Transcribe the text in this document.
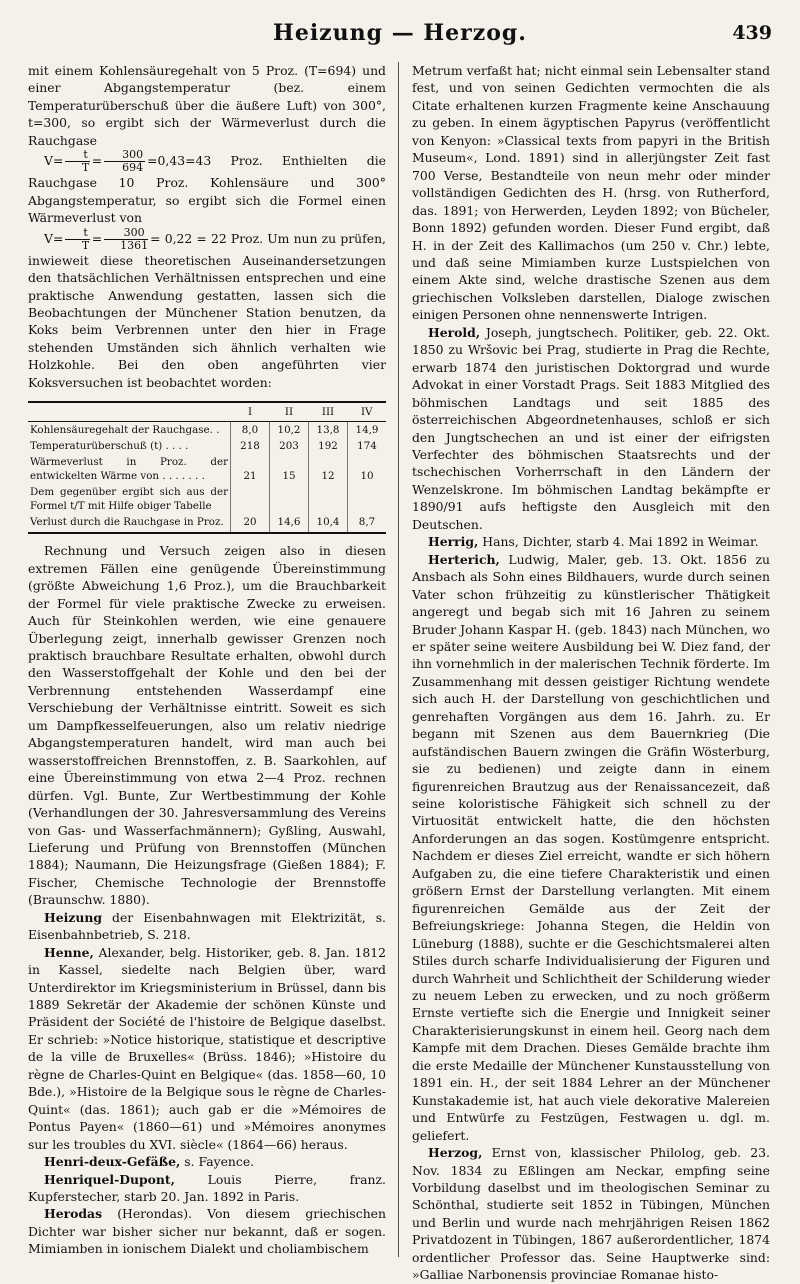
Heizung — Herzog.	439

mit einem Kohlensäuregehalt von 5 Proz. (T=694) und einer Abgangstemperatur (bez. einem Temperaturüberschuß über die äußere Luft) von 300°, t=300, so ergibt sich der Wärmeverlust durch die Rauchgase

$V= \frac{t}{T} = \frac{300}{694} =0,43=43$ Proz. Enthielten die Rauchgase 10 Proz. Kohlensäure und 300° Abgangstemperatur, so ergibt sich die Formel einen Wärmeverlust von

$V= \frac{t}{T} = \frac{300}{1361} = 0,22 = 22$ Proz. Um nun zu prüfen, inwieweit diese theoretischen Auseinandersetzungen den thatsächlichen Verhältnissen entsprechen und eine praktische Anwendung gestatten, lassen sich die Beobachtungen der Münchener Station benutzen, da Koks beim Verbrennen unter den hier in Frage stehenden Umständen sich ähnlich verhalten wie Holzkohle. Bei den oben angeführten vier Koksversuchen ist beobachtet worden:

	I	II	III	IV
Kohlensäuregehalt der Rauchgase. .	8,0	10,2	13,8	14,9
Temperaturüberschuß (t) . . . .	218	203	192	174
Wärmeverlust in Proz. der entwickelten Wärme von . . . . . . .	21	15	12	10
Dem gegenüber ergibt sich aus der Formel t/T mit Hilfe obiger Tabelle				
Verlust durch die Rauchgase in Proz.	20	14,6	10,4	8,7

Rechnung und Versuch zeigen also in diesen extremen Fällen eine genügende Übereinstimmung (größte Abweichung 1,6 Proz.), um die Brauchbarkeit der Formel für viele praktische Zwecke zu erweisen. Auch für Steinkohlen werden, wie eine genauere Überlegung zeigt, innerhalb gewisser Grenzen noch praktisch brauchbare Resultate erhalten, obwohl durch den Wasserstoffgehalt der Kohle und den bei der Verbrennung entstehenden Wasserdampf eine Verschiebung der Verhältnisse eintritt. Soweit es sich um Dampfkesselfeuerungen, also um relativ niedrige Abgangstemperaturen handelt, wird man auch bei wasserstoffreichen Brennstoffen, z. B. Saarkohlen, auf eine Übereinstimmung von etwa 2—4 Proz. rechnen dürfen. Vgl. Bunte, Zur Wertbestimmung der Kohle (Verhandlungen der 30. Jahresversammlung des Vereins von Gas- und Wasserfachmännern); Gyßling, Auswahl, Lieferung und Prüfung von Brennstoffen (München 1884); Naumann, Die Heizungsfrage (Gießen 1884); F. Fischer, Chemische Technologie der Brennstoffe (Braunschw. 1880).

Heizung der Eisenbahnwagen mit Elektrizität, s. Eisenbahnbetrieb, S. 218.

Henne, Alexander, belg. Historiker, geb. 8. Jan. 1812 in Kassel, siedelte nach Belgien über, ward Unterdirektor im Kriegsministerium in Brüssel, dann bis 1889 Sekretär der Akademie der schönen Künste und Präsident der Société de l'histoire de Belgique daselbst. Er schrieb: »Notice historique, statistique et descriptive de la ville de Bruxelles« (Brüss. 1846); »Histoire du règne de Charles-Quint en Belgique« (das. 1858—60, 10 Bde.), »Histoire de la Belgique sous le règne de Charles-Quint« (das. 1861); auch gab er die »Mémoires de Pontus Payen« (1860—61) und »Mémoires anonymes sur les troubles du XVI. siècle« (1864—66) heraus.

Henri-deux-Gefäße, s. Fayence.

Henriquel-Dupont, Louis Pierre, franz. Kupferstecher, starb 20. Jan. 1892 in Paris.

Herodas (Herondas). Von diesem griechischen Dichter war bisher sicher nur bekannt, daß er sogen. Mimiamben in ionischem Dialekt und choliambischem

Metrum verfaßt hat; nicht einmal sein Lebensalter stand fest, und von seinen Gedichten vermochten die als Citate erhaltenen kurzen Fragmente keine Anschauung zu geben. In einem ägyptischen Papyrus (veröffentlicht von Kenyon: »Classical texts from papyri in the British Museum«, Lond. 1891) sind in allerjüngster Zeit fast 700 Verse, Bestandteile von neun mehr oder minder vollständigen Gedichten des H. (hrsg. von Rutherford, das. 1891; von Herwerden, Leyden 1892; von Bücheler, Bonn 1892) gefunden worden. Dieser Fund ergibt, daß H. in der Zeit des Kallimachos (um 250 v. Chr.) lebte, und daß seine Mimiamben kurze Lustspielchen von einem Akte sind, welche drastische Szenen aus dem griechischen Volksleben darstellen, Dialoge zwischen einigen Personen ohne nennenswerte Intrigen.

Herold, Joseph, jungtschech. Politiker, geb. 22. Okt. 1850 zu Wršovic bei Prag, studierte in Prag die Rechte, erwarb 1874 den juristischen Doktorgrad und wurde Advokat in einer Vorstadt Prags. Seit 1883 Mitglied des böhmischen Landtags und seit 1885 des österreichischen Abgeordnetenhauses, schloß er sich den Jungtschechen an und ist einer der eifrigsten Verfechter des böhmischen Staatsrechts und der tschechischen Vorherrschaft in den Ländern der Wenzelskrone. Im böhmischen Landtag bekämpfte er 1890/91 aufs heftigste den Ausgleich mit den Deutschen.

Herrig, Hans, Dichter, starb 4. Mai 1892 in Weimar.

Herterich, Ludwig, Maler, geb. 13. Okt. 1856 zu Ansbach als Sohn eines Bildhauers, wurde durch seinen Vater schon frühzeitig zu künstlerischer Thätigkeit angeregt und begab sich mit 16 Jahren zu seinem Bruder Johann Kaspar H. (geb. 1843) nach München, wo er später seine weitere Ausbildung bei W. Diez fand, der ihn vornehmlich in der malerischen Technik förderte. Im Zusammenhang mit dessen geistiger Richtung wendete sich auch H. der Darstellung von geschichtlichen und genrehaften Vorgängen aus dem 16. Jahrh. zu. Er begann mit Szenen aus dem Bauernkrieg (Die aufständischen Bauern zwingen die Gräfin Wösterburg, sie zu bedienen) und zeigte dann in einem figurenreichen Brautzug aus der Renaissancezeit, daß seine koloristische Fähigkeit sich schnell zu der Virtuosität entwickelt hatte, die den höchsten Anforderungen an das sogen. Kostümgenre entspricht. Nachdem er dieses Ziel erreicht, wandte er sich höhern Aufgaben zu, die eine tiefere Charakteristik und einen größern Ernst der Darstellung verlangten. Mit einem figurenreichen Gemälde aus der Zeit der Befreiungskriege: Johanna Stegen, die Heldin von Lüneburg (1888), suchte er die Geschichtsmalerei alten Stiles durch scharfe Individualisierung der Figuren und durch Wahrheit und Schlichtheit der Schilderung wieder zu neuem Leben zu erwecken, und zu noch größerm Ernste vertiefte sich die Energie und Innigkeit seiner Charakterisierungskunst in einem heil. Georg nach dem Kampfe mit dem Drachen. Dieses Gemälde brachte ihm die erste Medaille der Münchener Kunstausstellung von 1891 ein. H., der seit 1884 Lehrer an der Münchener Kunstakademie ist, hat auch viele dekorative Malereien und Entwürfe zu Festzügen, Festwagen u. dgl. m. geliefert.

Herzog, Ernst von, klassischer Philolog, geb. 23. Nov. 1834 zu Eßlingen am Neckar, empfing seine Vorbildung daselbst und im theologischen Seminar zu Schönthal, studierte seit 1852 in Tübingen, München und Berlin und wurde nach mehrjährigen Reisen 1862 Privatdozent in Tübingen, 1867 außerordentlicher, 1874 ordentlicher Professor das. Seine Hauptwerke sind: »Galliae Narbonensis provinciae Romanae histo-
